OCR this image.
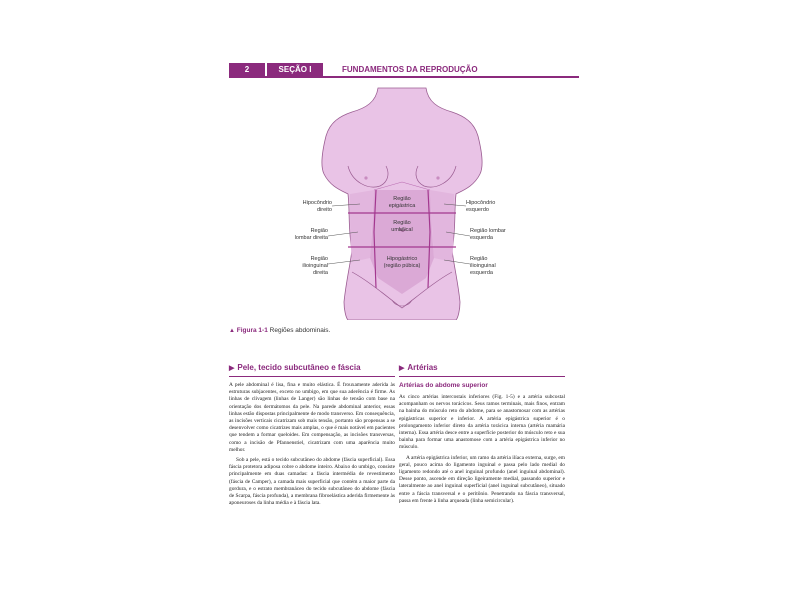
2	SEÇÃO I	FUNDAMENTOS DA REPRODUÇÃO
Hipocôndrio direito
Hipocôndrio esquerdo
Região epigástrica
Região umbilical
Região lombar direita
Região lombar esquerda
Hipogástrico (região púbica)
Região ilioinguinal direita
Região ilioinguinal esquerda
▲ Figura 1-1 Regiões abdominais.
▶ Pele, tecido subcutâneo e fáscia
A pele abdominal é lisa, fina e muito elástica. É frouxamente aderida às estruturas subjacentes, exceto no umbigo, em que sua aderência é firme. As linhas de clivagem (linhas de Langer) são linhas de tensão com base na orientação dos dermátomos da pele. Na parede abdominal anterior, essas linhas estão dispostas principalmente de modo transverso. Em consequência, as incisões verticais cicatrizam sob mais tensão, portanto são propensas a se desenvolver como cicatrizes mais amplas, o que é mais notável em pacientes que tendem a formar queloides. Em compensação, as incisões transversas, como a incisão de Pfannenstiel, cicatrizam com uma aparência muito melhor.
Sob a pele, está o tecido subcutâneo do abdome (fáscia superficial). Essa fáscia protetora adiposa cobre o abdome inteiro. Abaixo do umbigo, consiste principalmente em duas camadas: a fáscia intermédia de revestimento (fáscia de Camper), a camada mais superficial que contém a maior parte da gordura, e o estrato membranáceo do tecido subcutâneo do abdome (fáscia de Scarpa, fáscia profunda), a membrana fibroelástica aderida firmemente às aponeuroses da linha média e à fáscia lata.
▶ Artérias
Artérias do abdome superior
As cinco artérias intercostais inferiores (Fig. 1-5) e a artéria subcostal acompanham os nervos torácicos. Seus ramos terminais, mais finos, entram na bainha do músculo reto do abdome, para se anastomosar com as artérias epigástricas superior e inferior. A artéria epigástrica superior é o prolongamento inferior direto da artéria torácica interna (artéria mamária interna). Essa artéria desce entre a superfície posterior do músculo reto e sua bainha para formar uma anastomose com a artéria epigástrica inferior no músculo.
A artéria epigástrica inferior, um ramo da artéria ilíaca externa, surge, em geral, pouco acima do ligamento inguinal e passa pelo lado medial do ligamento redondo até o anel inguinal profundo (anel inguinal abdominal). Desse ponto, ascende em direção ligeiramente medial, passando superior e lateralmente ao anel inguinal superficial (anel inguinal subcutâneo), situado entre a fáscia transversal e o peritônio. Penetrando na fáscia transversal, passa em frente à linha arqueada (linha semicircular).
